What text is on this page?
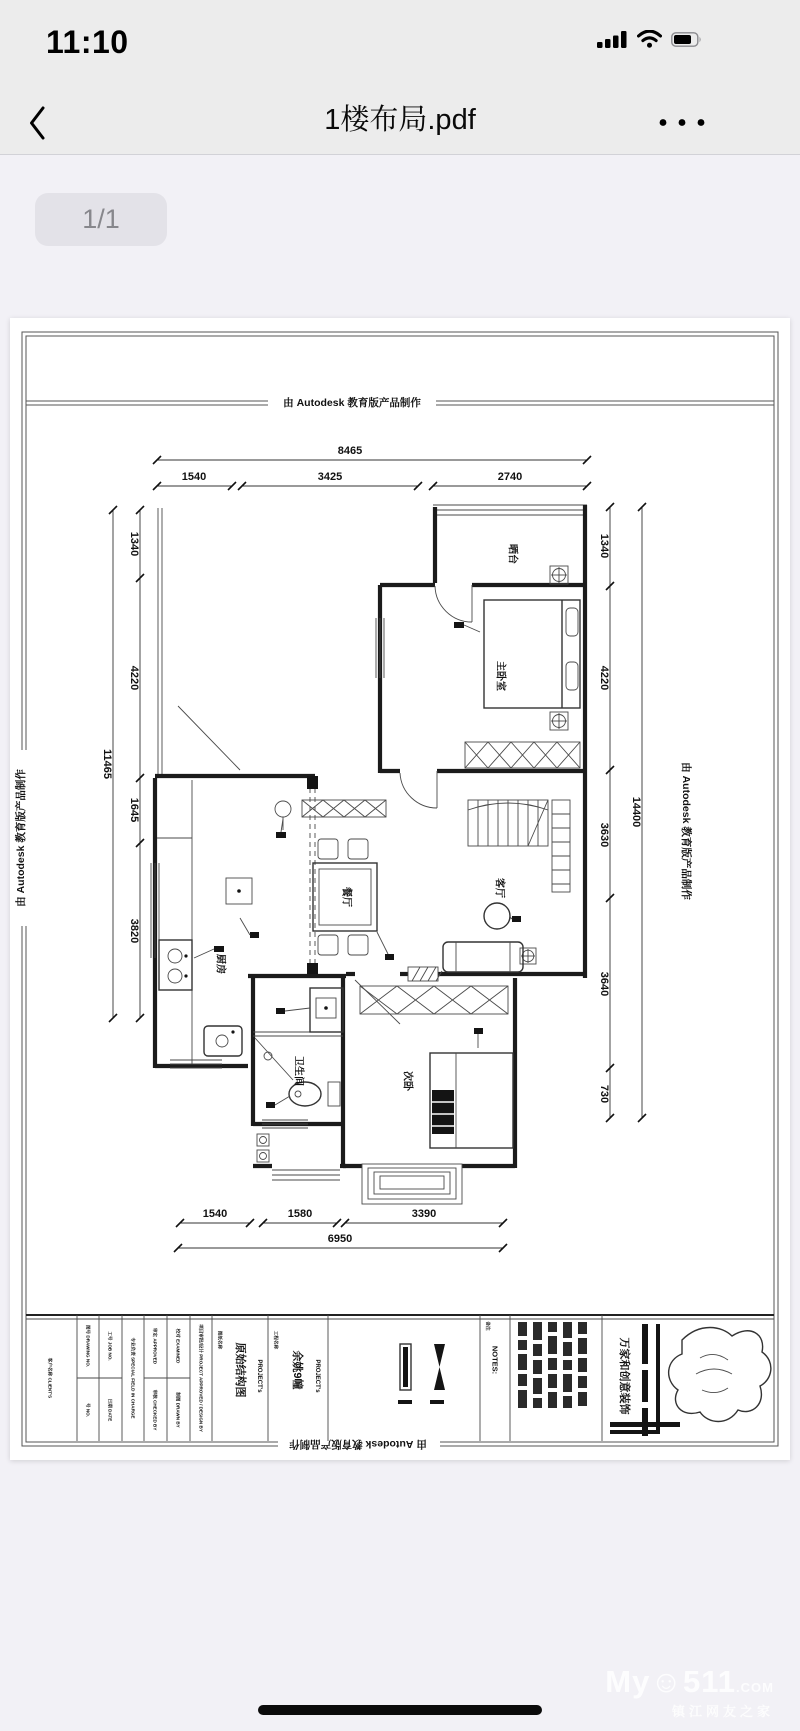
11:10
1楼布局.pdf
1/1
由 Autodesk 教育版产品制作
由 Autodesk 教育版产品制作
由 Autodesk 教育版产品制作	由 Autodesk 教育版产品制作
8465
1540	3425	2740
11465
1340
4220
1645
3820
1340
4220
3630
3640
730
14400
1540	1580	3390
6950
晒台
主卧室
客厅
餐厅
厨房
卫生间	次卧
客户名称 CLIENT'S
图号 DRAWING NO.
号 NO.
工号 JOB NO.
日期 DATE	专业负责 SPECIAL FIELD IN CHARGE	审定 APPROVED
审核 CHECKED BY
校对 EXAMINED
制图 DRAWN BY	项目审批/设计 PROJECT APPROVED / DESIGN BY	图纸名称
原始结构图	PROJECT's
工程名称
余姚9幢	PROJECT's
备注
NOTES:	万家和创意装饰
My☺511.COM
镇江网友之家
